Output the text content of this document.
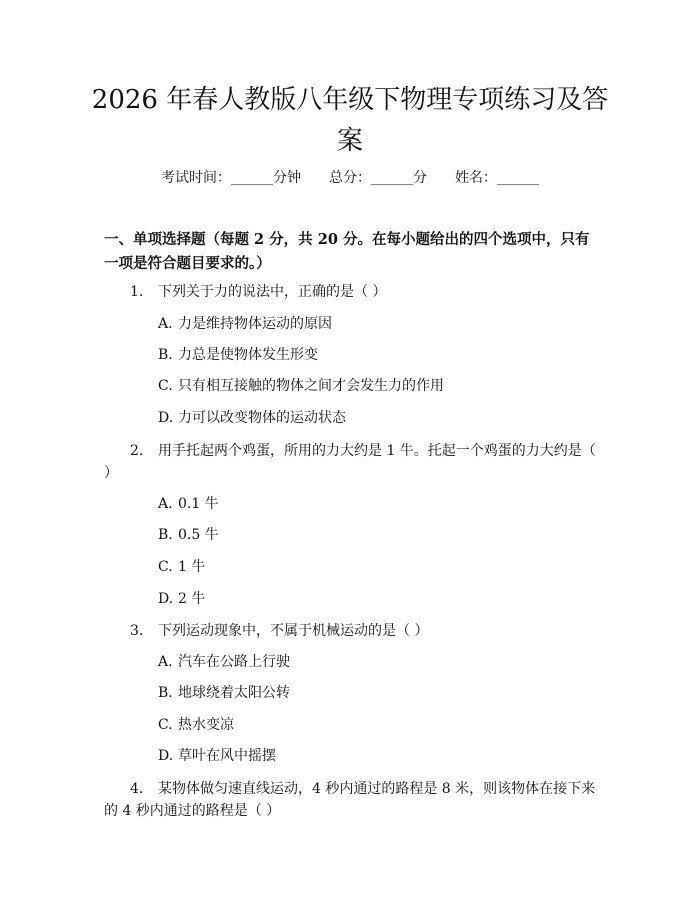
2026 年春人教版八年级下物理专项练习及答案
考试时间：______分钟 总分：______分 姓名：______

一、单项选择题（每题 2 分，共 20 分。在每小题给出的四个选项中，只有一项是符合题目要求的。）

1. 下列关于力的说法中，正确的是（ ）

A. 力是维持物体运动的原因

B. 力总是使物体发生形变

C. 只有相互接触的物体之间才会发生力的作用

D. 力可以改变物体的运动状态

2. 用手托起两个鸡蛋，所用的力大约是 1 牛。托起一个鸡蛋的力大约是（ ）

A. 0.1 牛

B. 0.5 牛

C. 1 牛

D. 2 牛

3. 下列运动现象中，不属于机械运动的是（ ）

A. 汽车在公路上行驶

B. 地球绕着太阳公转

C. 热水变凉

D. 草叶在风中摇摆

4. 某物体做匀速直线运动，4 秒内通过的路程是 8 米，则该物体在接下来的 4 秒内通过的路程是（ ）
